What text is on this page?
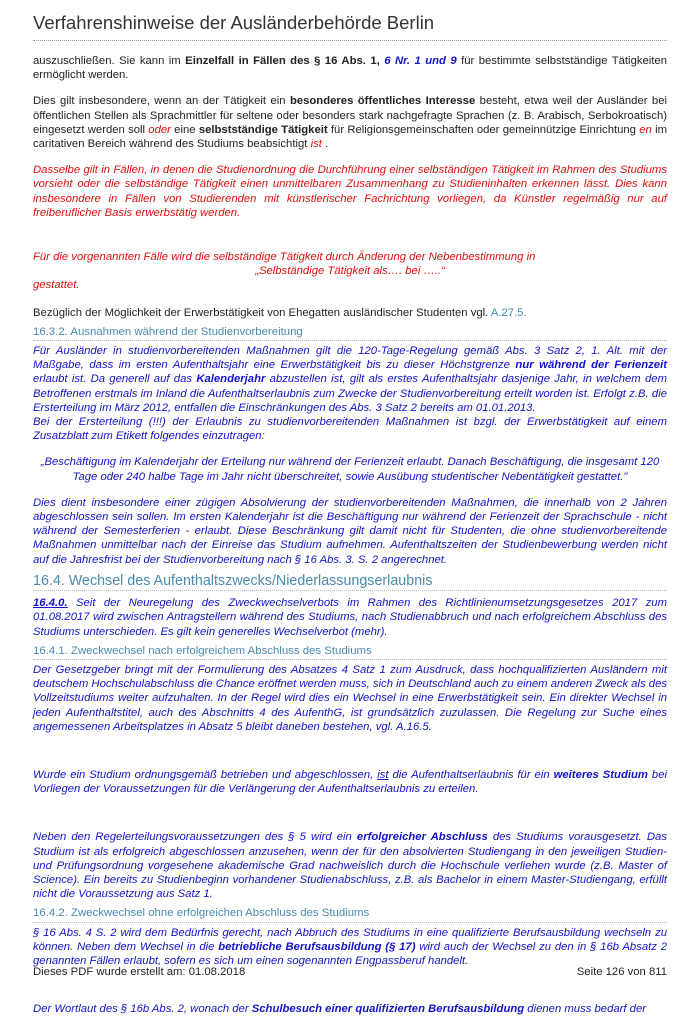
Verfahrenshinweise der Ausländerbehörde Berlin

auszuschließen. Sie kann im Einzelfall in Fällen des § 16 Abs. 1, 6 Nr. 1 und 9 für bestimmte selbstständige Tätigkeiten ermöglicht werden.

Dies gilt insbesondere, wenn an der Tätigkeit ein besonderes öffentliches Interesse besteht, etwa weil der Ausländer bei öffentlichen Stellen als Sprachmittler für seltene oder besonders stark nachgefragte Sprachen (z. B. Arabisch, Serbokroatisch) eingesetzt werden soll oder eine selbstständige Tätigkeit für Religionsgemeinschaften oder gemeinnützige Einrichtung en im caritativen Bereich während des Studiums beabsichtigt ist .

Dasselbe gilt in Fällen, in denen die Studienordnung die Durchführung einer selbständigen Tätigkeit im Rahmen des Studiums vorsieht oder die selbständige Tätigkeit einen unmittelbaren Zusammenhang zu Studieninhalten erkennen lässt. Dies kann insbesondere in Fällen von Studierenden mit künstlerischer Fachrichtung vorliegen, da Künstler regelmäßig nur auf freiberuflicher Basis erwerbstätig werden.

Für die vorgenannten Fälle wird die selbständige Tätigkeit durch Änderung der Nebenbestimmung in
„Selbständige Tätigkeit als…. bei …..“
gestattet.

Bezüglich der Möglichkeit der Erwerbstätigkeit von Ehegatten ausländischer Studenten vgl. A.27.5.

16.3.2. Ausnahmen während der Studienvorbereitung

Für Ausländer in studienvorbereitenden Maßnahmen gilt die 120-Tage-Regelung gemäß Abs. 3 Satz 2, 1. Alt. mit der Maßgabe, dass im ersten Aufenthaltsjahr eine Erwerbstätigkeit bis zu dieser Höchstgrenze nur während der Ferienzeit erlaubt ist. Da generell auf das Kalenderjahr abzustellen ist, gilt als erstes Aufenthaltsjahr dasjenige Jahr, in welchem dem Betroffenen erstmals im Inland die Aufenthaltserlaubnis zum Zwecke der Studienvorbereitung erteilt worden ist. Erfolgt z.B. die Ersterteilung im März 2012, entfallen die Einschränkungen des Abs. 3 Satz 2 bereits am 01.01.2013.
Bei der Ersterteilung (!!!) der Erlaubnis zu studienvorbereitenden Maßnahmen ist bzgl. der Erwerbstätigkeit auf einem Zusatzblatt zum Etikett folgendes einzutragen:

„Beschäftigung im Kalenderjahr der Erteilung nur während der Ferienzeit erlaubt. Danach Beschäftigung, die insgesamt 120 Tage oder 240 halbe Tage im Jahr nicht überschreitet, sowie Ausübung studentischer Nebentätigkeit gestattet."

Dies dient insbesondere einer zügigen Absolvierung der studienvorbereitenden Maßnahmen, die innerhalb von 2 Jahren abgeschlossen sein sollen. Im ersten Kalenderjahr ist die Beschäftigung nur während der Ferienzeit der Sprachschule - nicht während der Semesterferien - erlaubt. Diese Beschränkung gilt damit nicht für Studenten, die ohne studienvorbereitende Maßnahmen unmittelbar nach der Einreise das Studium aufnehmen. Aufenthaltszeiten der Studienbewerbung werden nicht auf die Jahresfrist bei der Studienvorbereitung nach § 16 Abs. 3. S. 2 angerechnet.

16.4. Wechsel des Aufenthaltszwecks/Niederlassungserlaubnis

16.4.0. Seit der Neuregelung des Zweckwechselverbots im Rahmen des Richtlinienumsetzungsgesetzes 2017 zum 01.08.2017 wird zwischen Antragstellern während des Studiums, nach Studienabbruch und nach erfolgreichem Abschluss des Studiums unterschieden. Es gilt kein generelles Wechselverbot (mehr).

16.4.1. Zweckwechsel nach erfolgreichem Abschluss des Studiums

Der Gesetzgeber bringt mit der Formulierung des Absatzes 4 Satz 1 zum Ausdruck, dass hochqualifizierten Ausländern mit deutschem Hochschulabschluss die Chance eröffnet werden muss, sich in Deutschland auch zu einem anderen Zweck als des Vollzeitstudiums weiter aufzuhalten. In der Regel wird dies ein Wechsel in eine Erwerbstätigkeit sein. Ein direkter Wechsel in jeden Aufenthaltstitel, auch des Abschnitts 4 des AufenthG, ist grundsätzlich zuzulassen. Die Regelung zur Suche eines angemessenen Arbeitsplatzes in Absatz 5 bleibt daneben bestehen, vgl. A.16.5.

Wurde ein Studium ordnungsgemäß betrieben und abgeschlossen, ist die Aufenthaltserlaubnis für ein weiteres Studium bei Vorliegen der Voraussetzungen für die Verlängerung der Aufenthaltserlaubnis zu erteilen.

Neben den Regelerteilungsvoraussetzungen des § 5 wird ein erfolgreicher Abschluss des Studiums vorausgesetzt. Das Studium ist als erfolgreich abgeschlossen anzusehen, wenn der für den absolvierten Studiengang in den jeweiligen Studien- und Prüfungsordnung vorgesehene akademische Grad nachweislich durch die Hochschule verliehen wurde (z.B. Master of Science). Ein bereits zu Studienbeginn vorhandener Studienabschluss, z.B. als Bachelor in einem Master-Studiengang, erfüllt nicht die Voraussetzung aus Satz 1.

16.4.2. Zweckwechsel ohne erfolgreichen Abschluss des Studiums

§ 16 Abs. 4 S. 2 wird dem Bedürfnis gerecht, nach Abbruch des Studiums in eine qualifizierte Berufsausbildung wechseln zu können. Neben dem Wechsel in die betriebliche Berufsausbildung (§ 17) wird auch der Wechsel zu den in § 16b Absatz 2 genannten Fällen erlaubt, sofern es sich um einen sogenannten Engpassberuf handelt.

Der Wortlaut des § 16b Abs. 2, wonach der Schulbesuch einer qualifizierten Berufsausbildung dienen muss bedarf der

Dieses PDF wurde erstellt am: 01.08.2018	Seite 126 von 811
